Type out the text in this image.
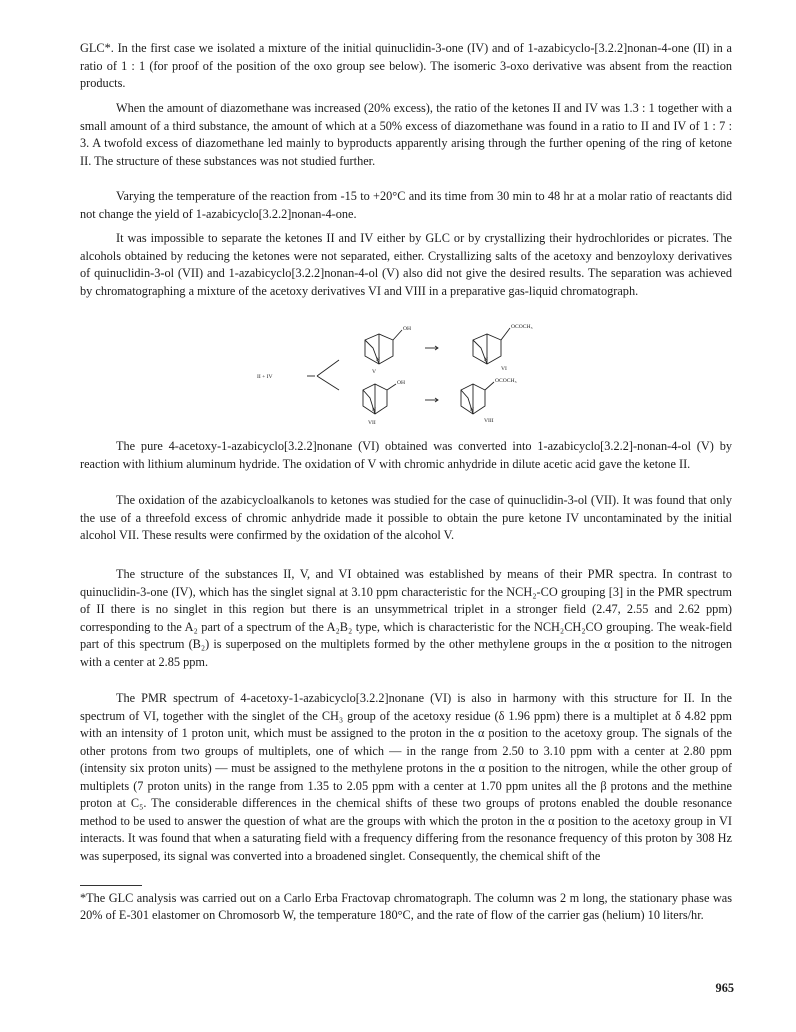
GLC*. In the first case we isolated a mixture of the initial quinuclidin-3-one (IV) and of 1-azabicyclo-[3.2.2]nonan-4-one (II) in a ratio of 1 : 1 (for proof of the position of the oxo group see below). The isomeric 3-oxo derivative was absent from the reaction products.

When the amount of diazomethane was increased (20% excess), the ratio of the ketones II and IV was 1.3 : 1 together with a small amount of a third substance, the amount of which at a 50% excess of diazomethane was found in a ratio to II and IV of 1 : 7 : 3. A twofold excess of diazomethane led mainly to byproducts apparently arising through the further opening of the ring of ketone II. The structure of these substances was not studied further.

Varying the temperature of the reaction from -15 to +20°C and its time from 30 min to 48 hr at a molar ratio of reactants did not change the yield of 1-azabicyclo[3.2.2]nonan-4-one.

It was impossible to separate the ketones II and IV either by GLC or by crystallizing their hydrochlorides or picrates. The alcohols obtained by reducing the ketones were not separated, either. Crystallizing salts of the acetoxy and benzoyloxy derivatives of quinuclidin-3-ol (VII) and 1-azabicyclo[3.2.2]nonan-4-ol (V) also did not give the desired results. The separation was achieved by chromatographing a mixture of the acetoxy derivatives VI and VIII in a preparative gas-liquid chromatograph.

II + IV
N
OH
V
N
OCOCH₃
VI
N
OH
VII
N
OCOCH₃
VIII

The pure 4-acetoxy-1-azabicyclo[3.2.2]nonane (VI) obtained was converted into 1-azabicyclo[3.2.2]-nonan-4-ol (V) by reaction with lithium aluminum hydride. The oxidation of V with chromic anhydride in dilute acetic acid gave the ketone II.

The oxidation of the azabicycloalkanols to ketones was studied for the case of quinuclidin-3-ol (VII). It was found that only the use of a threefold excess of chromic anhydride made it possible to obtain the pure ketone IV uncontaminated by the initial alcohol VII. These results were confirmed by the oxidation of the alcohol V.

The structure of the substances II, V, and VI obtained was established by means of their PMR spectra. In contrast to quinuclidin-3-one (IV), which has the singlet signal at 3.10 ppm characteristic for the NCH₂-CO grouping [3] in the PMR spectrum of II there is no singlet in this region but there is an unsymmetrical triplet in a stronger field (2.47, 2.55 and 2.62 ppm) corresponding to the A₂ part of a spectrum of the A₂B₂ type, which is characteristic for the NCH₂CH₂CO grouping. The weak-field part of this spectrum (B₂) is superposed on the multiplets formed by the other methylene groups in the α position to the nitrogen with a center at 2.85 ppm.

The PMR spectrum of 4-acetoxy-1-azabicyclo[3.2.2]nonane (VI) is also in harmony with this structure for II. In the spectrum of VI, together with the singlet of the CH₃ group of the acetoxy residue (δ 1.96 ppm) there is a multiplet at δ 4.82 ppm with an intensity of 1 proton unit, which must be assigned to the proton in the α position to the acetoxy group. The signals of the other protons from two groups of multiplets, one of which — in the range from 2.50 to 3.10 ppm with a center at 2.80 ppm (intensity six proton units) — must be assigned to the methylene protons in the α position to the nitrogen, while the other group of multiplets (7 proton units) in the range from 1.35 to 2.05 ppm with a center at 1.70 ppm unites all the β protons and the methine proton at C₅. The considerable differences in the chemical shifts of these two groups of protons enabled the double resonance method to be used to answer the question of what are the groups with which the proton in the α position to the acetoxy group in VI interacts. It was found that when a saturating field with a frequency differing from the resonance frequency of this proton by 308 Hz was superposed, its signal was converted into a broadened singlet. Consequently, the chemical shift of the

*The GLC analysis was carried out on a Carlo Erba Fractovap chromatograph. The column was 2 m long, the stationary phase was 20% of E-301 elastomer on Chromosorb W, the temperature 180°C, and the rate of flow of the carrier gas (helium) 10 liters/hr.

965
